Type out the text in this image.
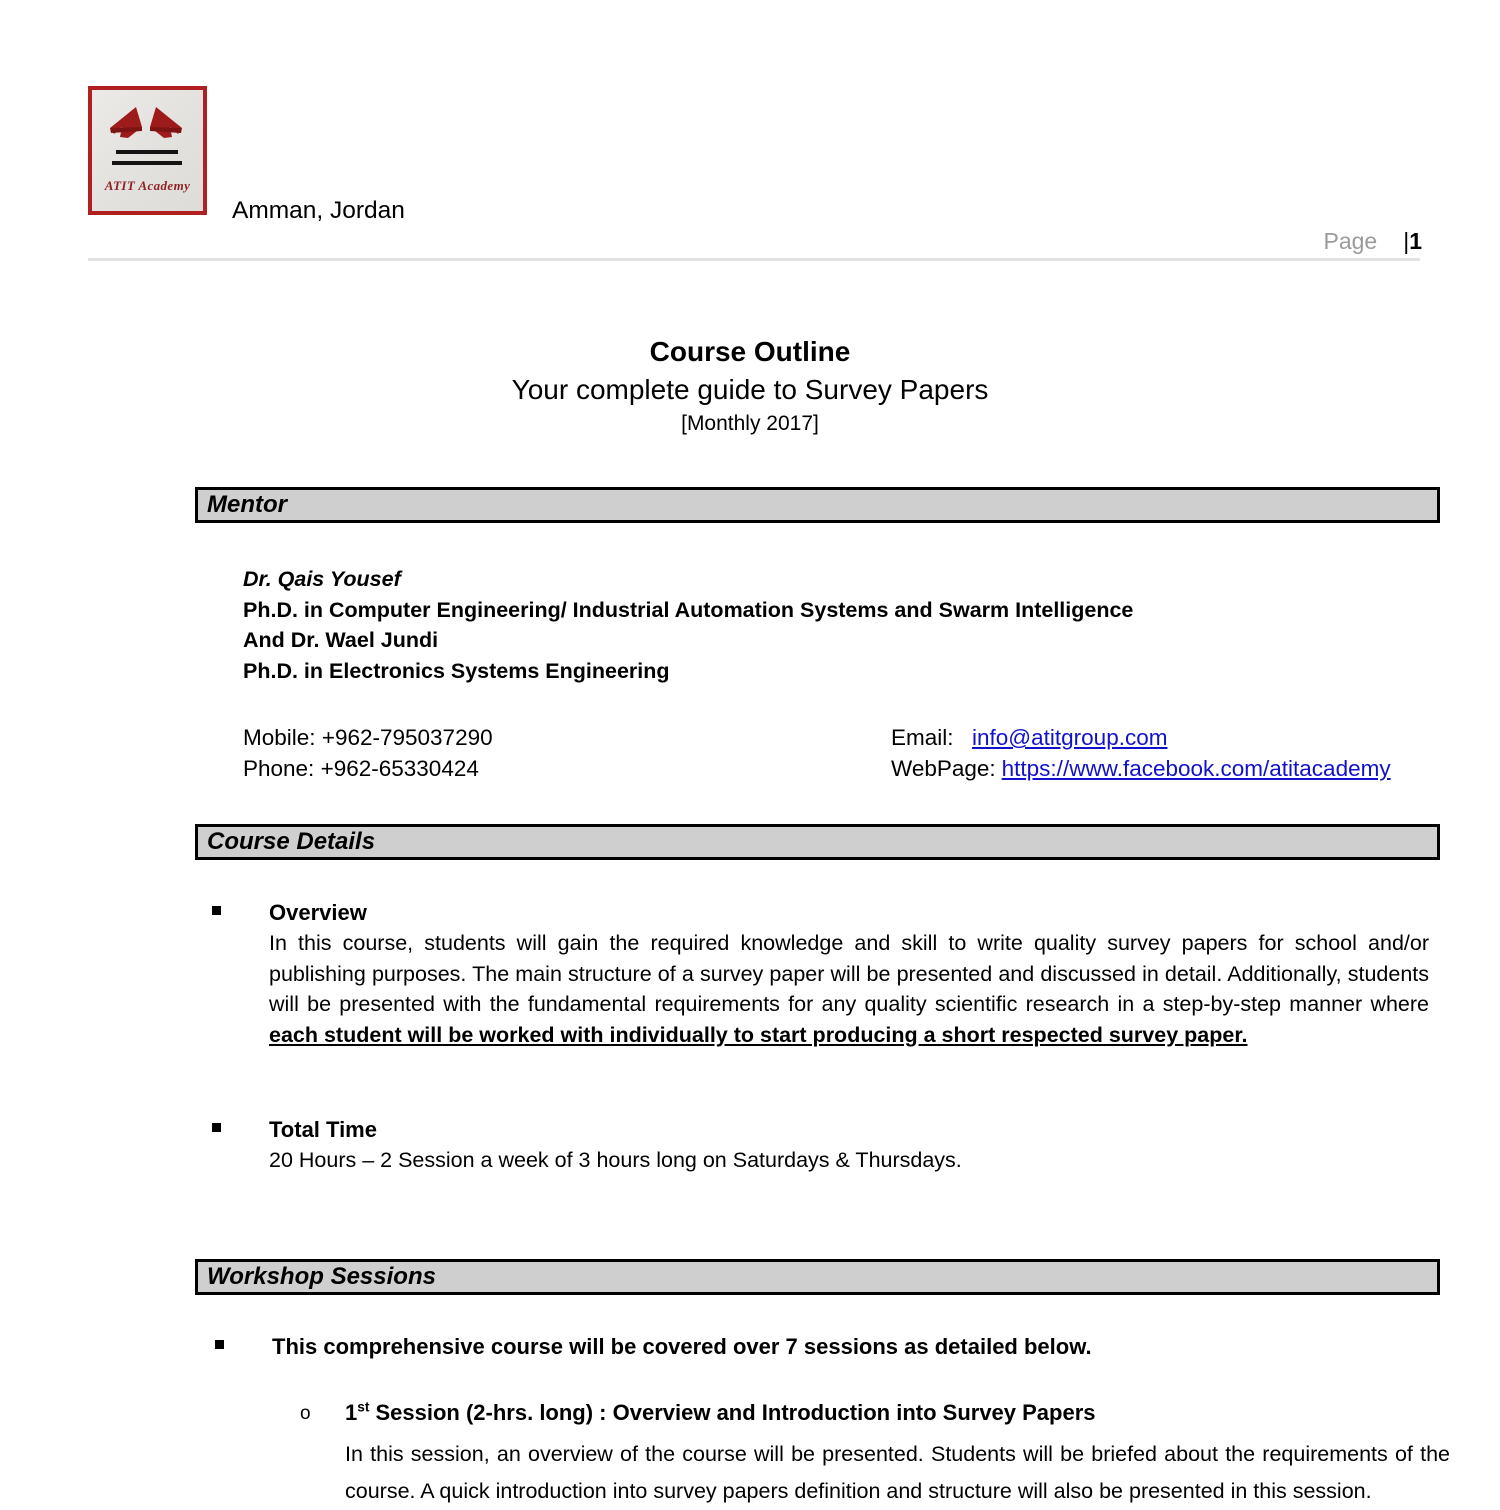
ATIT Academy
Amman, Jordan
Page |1
Course Outline
Your complete guide to Survey Papers
[Monthly 2017]
Mentor
Dr. Qais Yousef
Ph.D. in Computer Engineering/ Industrial Automation Systems and Swarm Intelligence
And Dr. Wael Jundi
Ph.D. in Electronics Systems Engineering
Mobile: +962-795037290	Email: info@atitgroup.com
Phone: +962-65330424	WebPage: https://www.facebook.com/atitacademy
Course Details
Overview
In this course, students will gain the required knowledge and skill to write quality survey papers for school and/or publishing purposes. The main structure of a survey paper will be presented and discussed in detail. Additionally, students will be presented with the fundamental requirements for any quality scientific research in a step-by-step manner where each student will be worked with individually to start producing a short respected survey paper.
Total Time
20 Hours – 2 Session a week of 3 hours long on Saturdays & Thursdays.
Workshop Sessions
This comprehensive course will be covered over 7 sessions as detailed below.
o 1st Session (2-hrs. long) : Overview and Introduction into Survey Papers
In this session, an overview of the course will be presented. Students will be briefed about the requirements of the course. A quick introduction into survey papers definition and structure will also be presented in this session.
